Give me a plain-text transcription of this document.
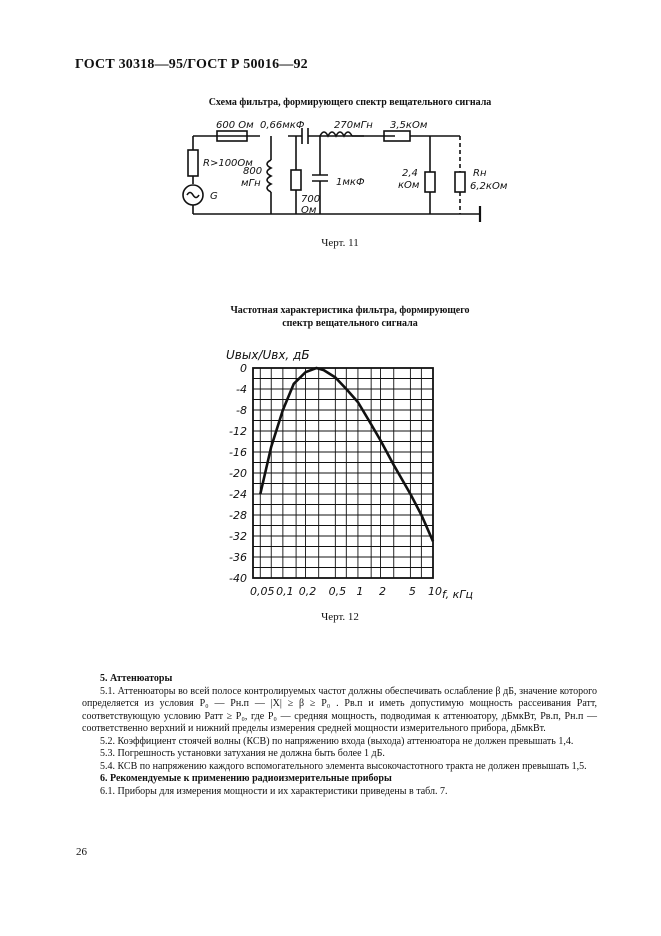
ГОСТ 30318—95/ГОСТ Р 50016—92
Схема фильтра, формирующего спектр вещательного сигнала
600 Ом 0,66мкФ	270мГн 3,5кОм
R>100Ом
G
800
мГн
700
Ом
1мкФ
2,4
кОм
Rн
6,2кОм
Черт. 11
Частотная характеристика фильтра, формирующего
спектр вещательного сигнала
Uвых/Uвх, дБ
f, кГц
0
-4
-8
-12
-16
-20
-24
-28
-32
-36
-40
0,05 0,1 0,2 0,5 1 2 5 10
Черт. 12

5. Аттенюаторы

5.1. Аттенюаторы во всей полосе контролируемых частот должны обеспечивать ослабление β дБ, значение которого определяется из условия P₀ — Pн.п — |X| ≥ β ≥ P₀ . Pв.п и иметь допустимую мощность рассеивания Pатт, соответствующую условию Pатт ≥ P₀, где P₀ — средняя мощность, подводимая к аттенюатору, дБмкВт, Pв.п, Pн.п — соответственно верхний и нижний пределы измерения средней мощности измерительного прибора, дБмкВт.

5.2. Коэффициент стоячей волны (КСВ) по напряжению входа (выхода) аттенюатора не должен превышать 1,4.

5.3. Погрешность установки затухания не должна быть более 1 дБ.

5.4. КСВ по напряжению каждого вспомогательного элемента высокочастотного тракта не должен превышать 1,5.

6. Рекомендуемые к применению радиоизмерительные приборы

6.1. Приборы для измерения мощности и их характеристики приведены в табл. 7.

26
